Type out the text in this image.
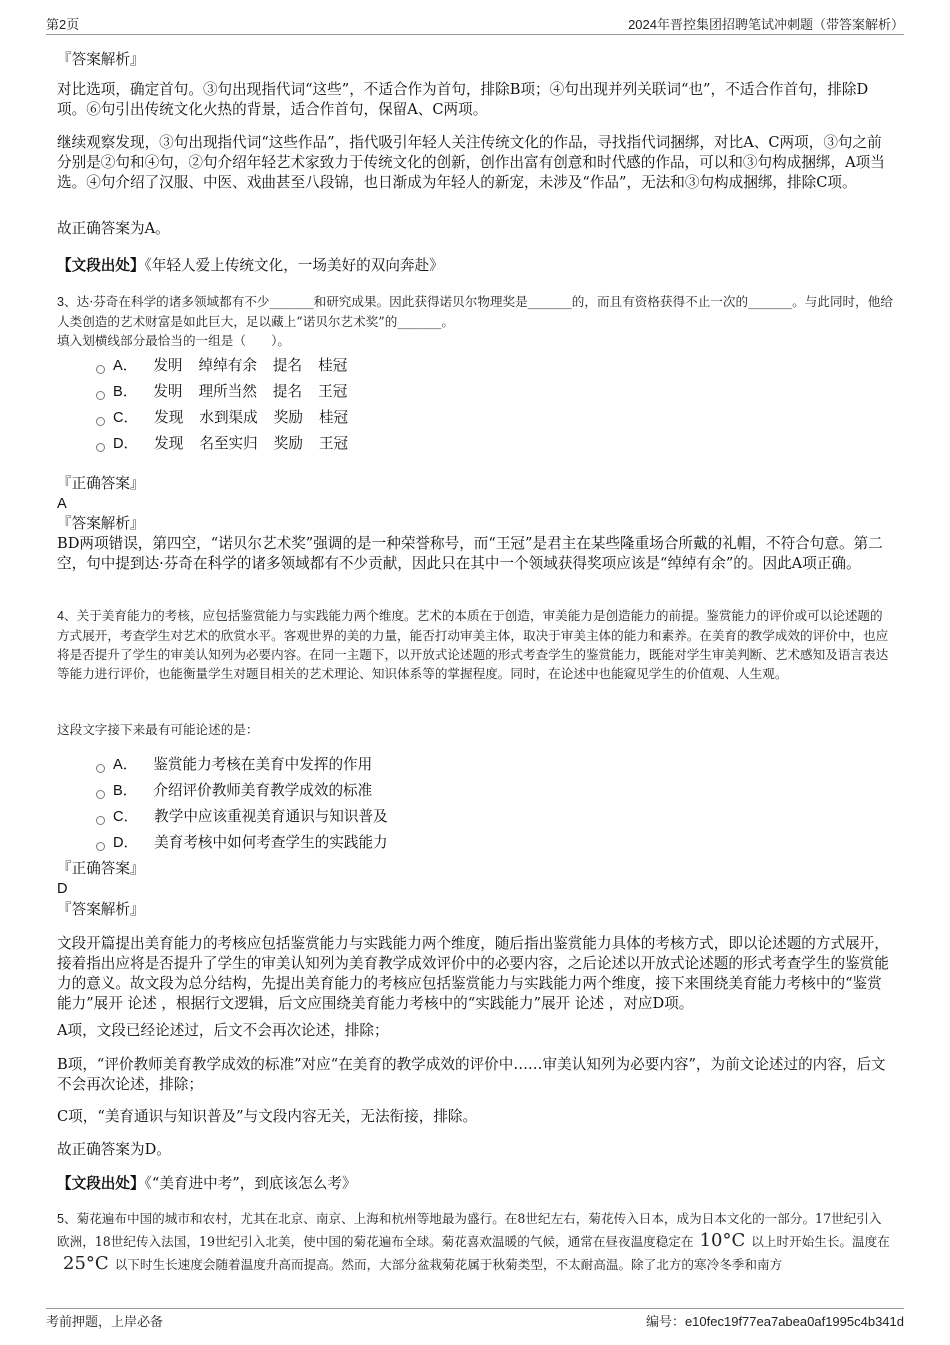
第2页	2024年晋控集团招聘笔试冲刺题（带答案解析）

『答案解析』

对比选项，确定首句。③句出现指代词“这些”，不适合作为首句，排除B项；④句出现并列关联词“也”，不适合作首句，排除D项。⑥句引出传统文化火热的背景，适合作首句，保留A、C两项。

继续观察发现，③句出现指代词“这些作品”，指代吸引年轻人关注传统文化的作品，寻找指代词捆绑，对比A、C两项，③句之前分别是②句和④句，②句介绍年轻艺术家致力于传统文化的创新，创作出富有创意和时代感的作品，可以和③句构成捆绑，A项当选。④句介绍了汉服、中医、戏曲甚至八段锦，也日渐成为年轻人的新宠，未涉及“作品”，无法和③句构成捆绑，排除C项。

故正确答案为A。

【文段出处】《年轻人爱上传统文化，一场美好的双向奔赴》

3、达·芬奇在科学的诸多领域都有不少_______和研究成果。因此获得诺贝尔物理奖是_______的，而且有资格获得不止一次的_______。与此同时，他给人类创造的艺术财富是如此巨大，足以藏上“诺贝尔艺术奖”的_______。

填入划横线部分最恰当的一组是（　　）。

A． 发明 绰绰有余 提名 桂冠
B． 发明 理所当然 提名 王冠
C． 发现 水到渠成 奖励 桂冠
D． 发现 名至实归 奖励 王冠

『正确答案』

A

『答案解析』

BD两项错误，第四空，“诺贝尔艺术奖”强调的是一种荣誉称号，而“王冠”是君主在某些隆重场合所戴的礼帽，不符合句意。第二空，句中提到达·芬奇在科学的诸多领域都有不少贡献，因此只在其中一个领域获得奖项应该是“绰绰有余”的。因此A项正确。

4、关于美育能力的考核，应包括鉴赏能力与实践能力两个维度。艺术的本质在于创造，审美能力是创造能力的前提。鉴赏能力的评价或可以论述题的方式展开，考查学生对艺术的欣赏水平。客观世界的美的力量，能否打动审美主体，取决于审美主体的能力和素养。在美育的教学成效的评价中，也应将是否提升了学生的审美认知列为必要内容。在同一主题下，以开放式论述题的形式考查学生的鉴赏能力，既能对学生审美判断、艺术感知及语言表达等能力进行评价，也能衡量学生对题目相关的艺术理论、知识体系等的掌握程度。同时，在论述中也能窥见学生的价值观、人生观。

这段文字接下来最有可能论述的是：

A． 鉴赏能力考核在美育中发挥的作用
B． 介绍评价教师美育教学成效的标准
C． 教学中应该重视美育通识与知识普及
D． 美育考核中如何考查学生的实践能力

『正确答案』

D

『答案解析』

文段开篇提出美育能力的考核应包括鉴赏能力与实践能力两个维度，随后指出鉴赏能力具体的考核方式，即以论述题的方式展开，接着指出应将是否提升了学生的审美认知列为美育教学成效评价中的必要内容，之后论述以开放式论述题的形式考查学生的鉴赏能力的意义。故文段为总分结构，先提出美育能力的考核应包括鉴赏能力与实践能力两个维度，接下来围绕美育能力考核中的“鉴赏能力”展开 论述 ，根据行文逻辑，后文应围绕美育能力考核中的“实践能力”展开 论述 ，对应D项。

A项，文段已经论述过，后文不会再次论述，排除；

B项，“评价教师美育教学成效的标准”对应“在美育的教学成效的评价中……审美认知列为必要内容”，为前文论述过的内容，后文不会再次论述，排除；

C项，“美育通识与知识普及”与文段内容无关，无法衔接，排除。

故正确答案为D。

【文段出处】《“美育进中考”，到底该怎么考》

5、菊花遍布中国的城市和农村，尤其在北京、南京、上海和杭州等地最为盛行。在8世纪左右，菊花传入日本，成为日本文化的一部分。17世纪引入欧洲，18世纪传入法国，19世纪引入北美，使中国的菊花遍布全球。菊花喜欢温暖的气候，通常在昼夜温度稳定在 10°C 以上时开始生长。温度在25°C 以下时生长速度会随着温度升高而提高。然而，大部分盆栽菊花属于秋菊类型，不太耐高温。除了北方的寒冷冬季和南方

考前押题，上岸必备	编号：e10fec19f77ea7abea0af1995c4b341d
